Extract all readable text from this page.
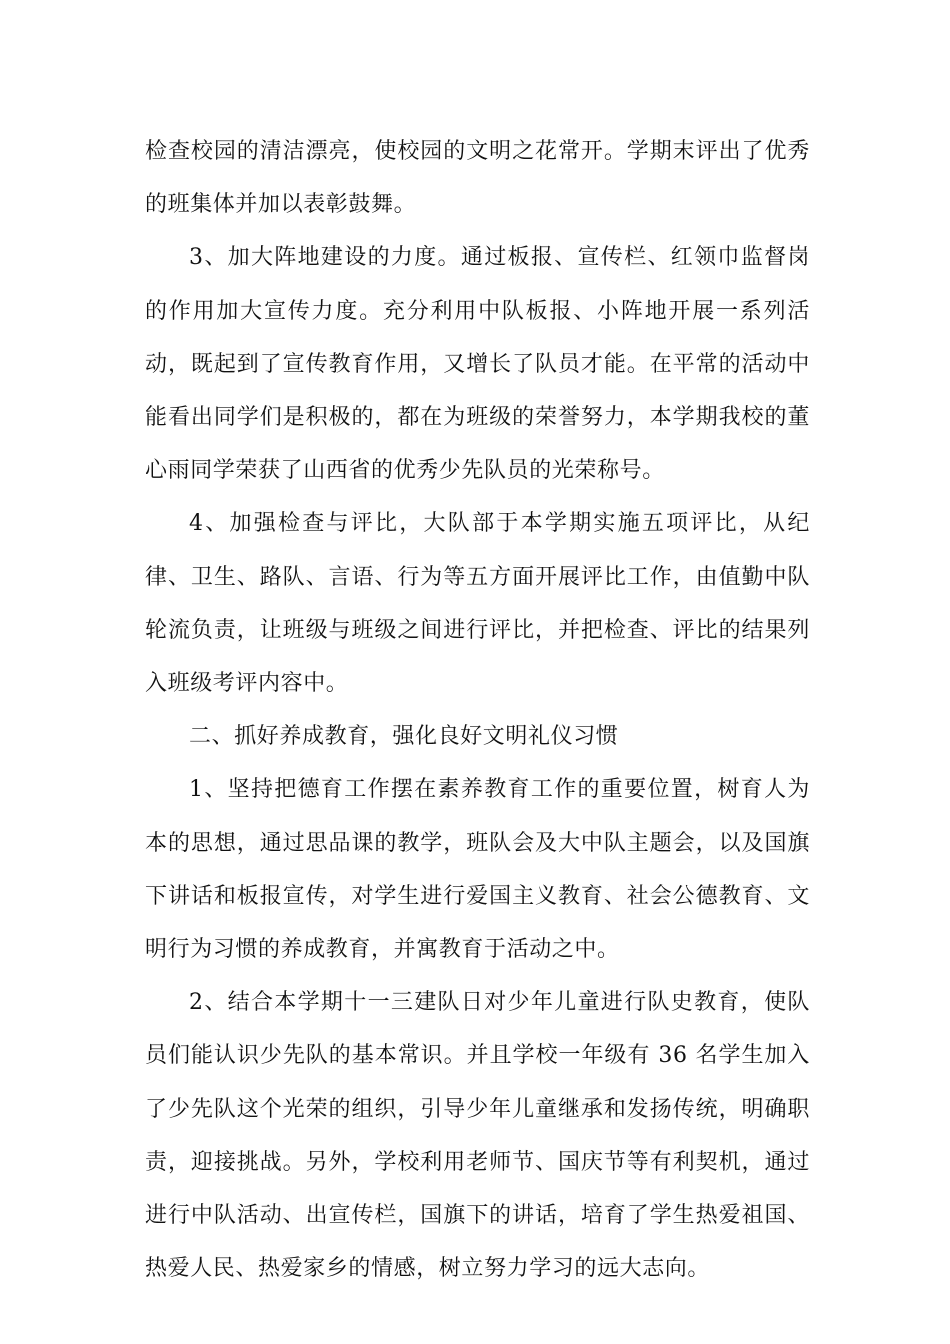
检查校园的清洁漂亮，使校园的文明之花常开。学期末评出了优秀的班集体并加以表彰鼓舞。

3、加大阵地建设的力度。通过板报、宣传栏、红领巾监督岗的作用加大宣传力度。充分利用中队板报、小阵地开展一系列活动，既起到了宣传教育作用，又增长了队员才能。在平常的活动中能看出同学们是积极的，都在为班级的荣誉努力，本学期我校的董心雨同学荣获了山西省的优秀少先队员的光荣称号。

4、加强检查与评比，大队部于本学期实施五项评比，从纪律、卫生、路队、言语、行为等五方面开展评比工作，由值勤中队轮流负责，让班级与班级之间进行评比，并把检查、评比的结果列入班级考评内容中。

二、抓好养成教育，强化良好文明礼仪习惯

1、坚持把德育工作摆在素养教育工作的重要位置，树育人为本的思想，通过思品课的教学，班队会及大中队主题会，以及国旗下讲话和板报宣传，对学生进行爱国主义教育、社会公德教育、文明行为习惯的养成教育，并寓教育于活动之中。

2、结合本学期十一三建队日对少年儿童进行队史教育，使队员们能认识少先队的基本常识。并且学校一年级有 36 名学生加入了少先队这个光荣的组织，引导少年儿童继承和发扬传统，明确职责，迎接挑战。另外，学校利用老师节、国庆节等有利契机，通过进行中队活动、出宣传栏，国旗下的讲话，培育了学生热爱祖国、热爱人民、热爱家乡的情感，树立努力学习的远大志向。
